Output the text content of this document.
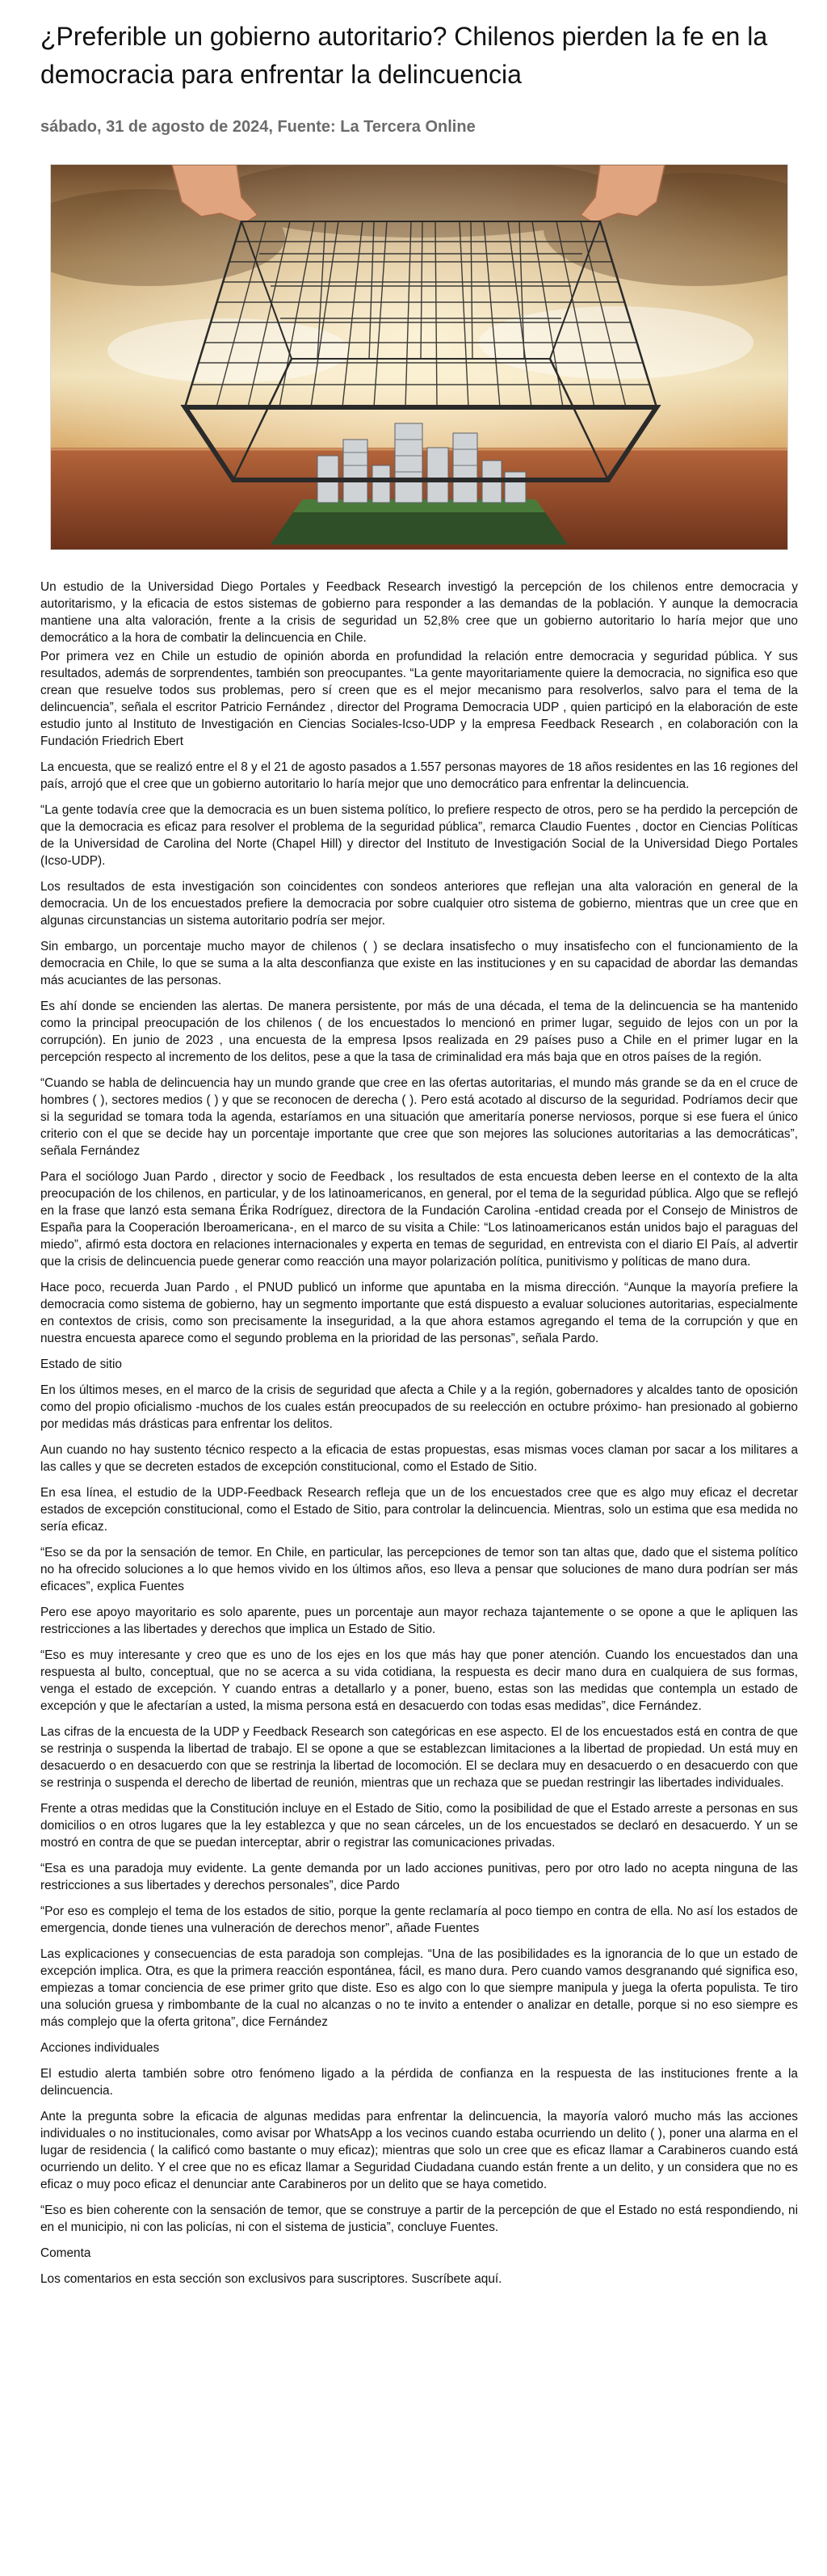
¿Preferible un gobierno autoritario? Chilenos pierden la fe en la democracia para enfrentar la delincuencia
sábado, 31 de agosto de 2024, Fuente: La Tercera Online

Un estudio de la Universidad Diego Portales y Feedback Research investigó la percepción de los chilenos entre democracia y autoritarismo, y la eficacia de estos sistemas de gobierno para responder a las demandas de la población. Y aunque la democracia mantiene una alta valoración, frente a la crisis de seguridad un 52,8% cree que un gobierno autoritario lo haría mejor que uno democrático a la hora de combatir la delincuencia en Chile.

Por primera vez en Chile un estudio de opinión aborda en profundidad la relación entre democracia y seguridad pública. Y sus resultados, además de sorprendentes, también son preocupantes. “La gente mayoritariamente quiere la democracia, no significa eso que crean que resuelve todos sus problemas, pero sí creen que es el mejor mecanismo para resolverlos, salvo para el tema de la delincuencia”, señala el escritor Patricio Fernández , director del Programa Democracia UDP , quien participó en la elaboración de este estudio junto al Instituto de Investigación en Ciencias Sociales-Icso-UDP y la empresa Feedback Research , en colaboración con la Fundación Friedrich Ebert

La encuesta, que se realizó entre el 8 y el 21 de agosto pasados a 1.557 personas mayores de 18 años residentes en las 16 regiones del país, arrojó que el cree que un gobierno autoritario lo haría mejor que uno democrático para enfrentar la delincuencia.

“La gente todavía cree que la democracia es un buen sistema político, lo prefiere respecto de otros, pero se ha perdido la percepción de que la democracia es eficaz para resolver el problema de la seguridad pública”, remarca Claudio Fuentes , doctor en Ciencias Políticas de la Universidad de Carolina del Norte (Chapel Hill) y director del Instituto de Investigación Social de la Universidad Diego Portales (Icso-UDP).

Los resultados de esta investigación son coincidentes con sondeos anteriores que reflejan una alta valoración en general de la democracia. Un de los encuestados prefiere la democracia por sobre cualquier otro sistema de gobierno, mientras que un cree que en algunas circunstancias un sistema autoritario podría ser mejor.

Sin embargo, un porcentaje mucho mayor de chilenos ( ) se declara insatisfecho o muy insatisfecho con el funcionamiento de la democracia en Chile, lo que se suma a la alta desconfianza que existe en las instituciones y en su capacidad de abordar las demandas más acuciantes de las personas.

Es ahí donde se encienden las alertas. De manera persistente, por más de una década, el tema de la delincuencia se ha mantenido como la principal preocupación de los chilenos ( de los encuestados lo mencionó en primer lugar, seguido de lejos con un por la corrupción). En junio de 2023 , una encuesta de la empresa Ipsos realizada en 29 países puso a Chile en el primer lugar en la percepción respecto al incremento de los delitos, pese a que la tasa de criminalidad era más baja que en otros países de la región.

“Cuando se habla de delincuencia hay un mundo grande que cree en las ofertas autoritarias, el mundo más grande se da en el cruce de hombres ( ), sectores medios ( ) y que se reconocen de derecha ( ). Pero está acotado al discurso de la seguridad. Podríamos decir que si la seguridad se tomara toda la agenda, estaríamos en una situación que ameritaría ponerse nerviosos, porque si ese fuera el único criterio con el que se decide hay un porcentaje importante que cree que son mejores las soluciones autoritarias a las democráticas”, señala Fernández

Para el sociólogo Juan Pardo , director y socio de Feedback , los resultados de esta encuesta deben leerse en el contexto de la alta preocupación de los chilenos, en particular, y de los latinoamericanos, en general, por el tema de la seguridad pública. Algo que se reflejó en la frase que lanzó esta semana Érika Rodríguez, directora de la Fundación Carolina -entidad creada por el Consejo de Ministros de España para la Cooperación Iberoamericana-, en el marco de su visita a Chile: “Los latinoamericanos están unidos bajo el paraguas del miedo”, afirmó esta doctora en relaciones internacionales y experta en temas de seguridad, en entrevista con el diario El País, al advertir que la crisis de delincuencia puede generar como reacción una mayor polarización política, punitivismo y políticas de mano dura.

Hace poco, recuerda Juan Pardo , el PNUD publicó un informe que apuntaba en la misma dirección. “Aunque la mayoría prefiere la democracia como sistema de gobierno, hay un segmento importante que está dispuesto a evaluar soluciones autoritarias, especialmente en contextos de crisis, como son precisamente la inseguridad, a la que ahora estamos agregando el tema de la corrupción y que en nuestra encuesta aparece como el segundo problema en la prioridad de las personas”, señala Pardo.

Estado de sitio

En los últimos meses, en el marco de la crisis de seguridad que afecta a Chile y a la región, gobernadores y alcaldes tanto de oposición como del propio oficialismo -muchos de los cuales están preocupados de su reelección en octubre próximo- han presionado al gobierno por medidas más drásticas para enfrentar los delitos.

Aun cuando no hay sustento técnico respecto a la eficacia de estas propuestas, esas mismas voces claman por sacar a los militares a las calles y que se decreten estados de excepción constitucional, como el Estado de Sitio.

En esa línea, el estudio de la UDP-Feedback Research refleja que un de los encuestados cree que es algo muy eficaz el decretar estados de excepción constitucional, como el Estado de Sitio, para controlar la delincuencia. Mientras, solo un estima que esa medida no sería eficaz.

“Eso se da por la sensación de temor. En Chile, en particular, las percepciones de temor son tan altas que, dado que el sistema político no ha ofrecido soluciones a lo que hemos vivido en los últimos años, eso lleva a pensar que soluciones de mano dura podrían ser más eficaces”, explica Fuentes

Pero ese apoyo mayoritario es solo aparente, pues un porcentaje aun mayor rechaza tajantemente o se opone a que le apliquen las restricciones a las libertades y derechos que implica un Estado de Sitio.

“Eso es muy interesante y creo que es uno de los ejes en los que más hay que poner atención. Cuando los encuestados dan una respuesta al bulto, conceptual, que no se acerca a su vida cotidiana, la respuesta es decir mano dura en cualquiera de sus formas, venga el estado de excepción. Y cuando entras a detallarlo y a poner, bueno, estas son las medidas que contempla un estado de excepción y que le afectarían a usted, la misma persona está en desacuerdo con todas esas medidas”, dice Fernández.

Las cifras de la encuesta de la UDP y Feedback Research son categóricas en ese aspecto. El de los encuestados está en contra de que se restrinja o suspenda la libertad de trabajo. El se opone a que se establezcan limitaciones a la libertad de propiedad. Un está muy en desacuerdo o en desacuerdo con que se restrinja la libertad de locomoción. El se declara muy en desacuerdo o en desacuerdo con que se restrinja o suspenda el derecho de libertad de reunión, mientras que un rechaza que se puedan restringir las libertades individuales.

Frente a otras medidas que la Constitución incluye en el Estado de Sitio, como la posibilidad de que el Estado arreste a personas en sus domicilios o en otros lugares que la ley establezca y que no sean cárceles, un de los encuestados se declaró en desacuerdo. Y un se mostró en contra de que se puedan interceptar, abrir o registrar las comunicaciones privadas.

“Esa es una paradoja muy evidente. La gente demanda por un lado acciones punitivas, pero por otro lado no acepta ninguna de las restricciones a sus libertades y derechos personales”, dice Pardo

“Por eso es complejo el tema de los estados de sitio, porque la gente reclamaría al poco tiempo en contra de ella. No así los estados de emergencia, donde tienes una vulneración de derechos menor”, añade Fuentes

Las explicaciones y consecuencias de esta paradoja son complejas. “Una de las posibilidades es la ignorancia de lo que un estado de excepción implica. Otra, es que la primera reacción espontánea, fácil, es mano dura. Pero cuando vamos desgranando qué significa eso, empiezas a tomar conciencia de ese primer grito que diste. Eso es algo con lo que siempre manipula y juega la oferta populista. Te tiro una solución gruesa y rimbombante de la cual no alcanzas o no te invito a entender o analizar en detalle, porque si no eso siempre es más complejo que la oferta gritona”, dice Fernández

Acciones individuales

El estudio alerta también sobre otro fenómeno ligado a la pérdida de confianza en la respuesta de las instituciones frente a la delincuencia.

Ante la pregunta sobre la eficacia de algunas medidas para enfrentar la delincuencia, la mayoría valoró mucho más las acciones individuales o no institucionales, como avisar por WhatsApp a los vecinos cuando estaba ocurriendo un delito ( ), poner una alarma en el lugar de residencia ( la calificó como bastante o muy eficaz); mientras que solo un cree que es eficaz llamar a Carabineros cuando está ocurriendo un delito. Y el cree que no es eficaz llamar a Seguridad Ciudadana cuando están frente a un delito, y un considera que no es eficaz o muy poco eficaz el denunciar ante Carabineros por un delito que se haya cometido.

“Eso es bien coherente con la sensación de temor, que se construye a partir de la percepción de que el Estado no está respondiendo, ni en el municipio, ni con las policías, ni con el sistema de justicia”, concluye Fuentes.

Comenta

Los comentarios en esta sección son exclusivos para suscriptores. Suscríbete aquí.
